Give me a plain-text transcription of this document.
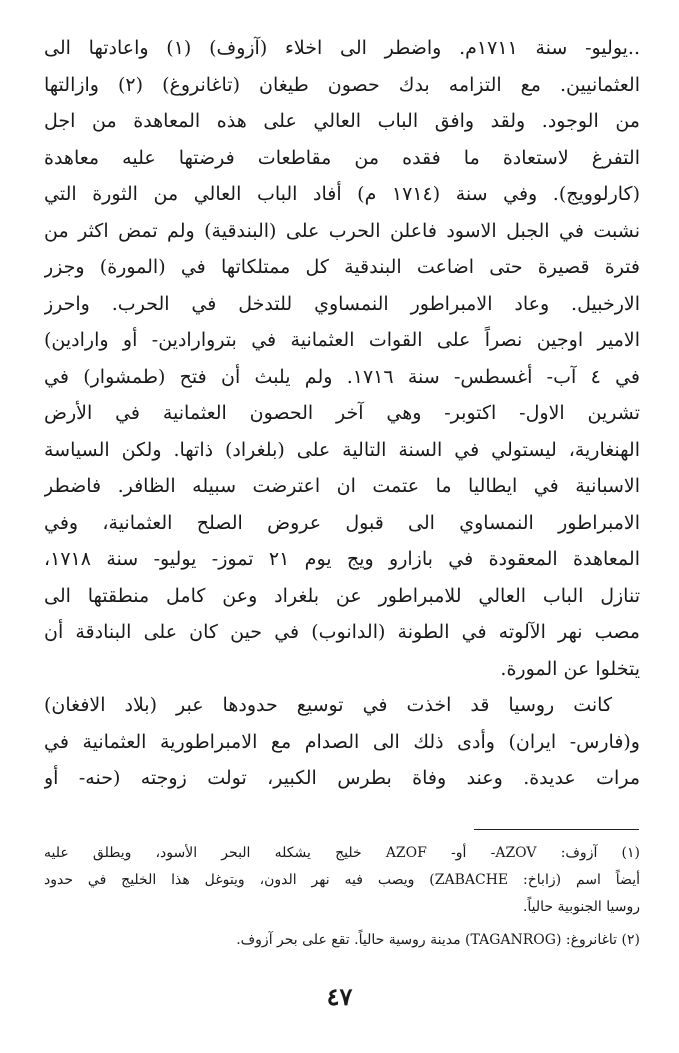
..يوليو- سنة ١٧١١م. واضطر الى اخلاء (آزوف) (١) واعادتها الى
العثمانيين. مع التزامه بدك حصون طيغان (تاغانروغ) (٢) وازالتها
من الوجود. ولقد وافق الباب العالي على هذه المعاهدة من اجل
التفرغ لاستعادة ما فقده من مقاطعات فرضتها عليه معاهدة
(كارلوويج). وفي سنة (١٧١٤ م) أفاد الباب العالي من الثورة التي
نشبت في الجبل الاسود فاعلن الحرب على (البندقية) ولم تمض اكثر من
فترة قصيرة حتى اضاعت البندقية كل ممتلكاتها في (المورة) وجزر
الارخبيل. وعاد الامبراطور النمساوي للتدخل في الحرب. واحرز
الامير اوجين نصراً على القوات العثمانية في بتروارادين- أو وارادين)
في ٤ آب- أغسطس- سنة ١٧١٦. ولم يلبث أن فتح (طمشوار) في
تشرين الاول- اكتوبر- وهي آخر الحصون العثمانية في الأرض
الهنغارية، ليستولي في السنة التالية على (بلغراد) ذاتها. ولكن السياسة
الاسبانية في ايطاليا ما عتمت ان اعترضت سبيله الظافر. فاضطر
الامبراطور النمساوي الى قبول عروض الصلح العثمانية، وفي
المعاهدة المعقودة في بازارو ويج يوم ٢١ تموز- يوليو- سنة ١٧١٨،
تنازل الباب العالي للامبراطور عن بلغراد وعن كامل منطقتها الى
مصب نهر الآلوته في الطونة (الدانوب) في حين كان على البنادقة أن
يتخلوا عن المورة.
كانت روسيا قد اخذت في توسيع حدودها عبر (بلاد الافغان)
و(فارس- ايران) وأدى ذلك الى الصدام مع الامبراطورية العثمانية في
مرات عديدة. وعند وفاة بطرس الكبير، تولت زوجته (حنه- أو
(١) آزوف: AZOV- أو- AZOF خليج يشكله البحر الأسود، ويطلق عليه
أيضاً اسم (زاباخ: ZABACHE) ويصب فيه نهر الدون، ويتوغل هذا الخليج في حدود
روسيا الجنوبية حالياً.
(٢) تاغانروغ: (TAGANROG) مدينة روسية حالياً. تقع على بحر آزوف.
٤٧
